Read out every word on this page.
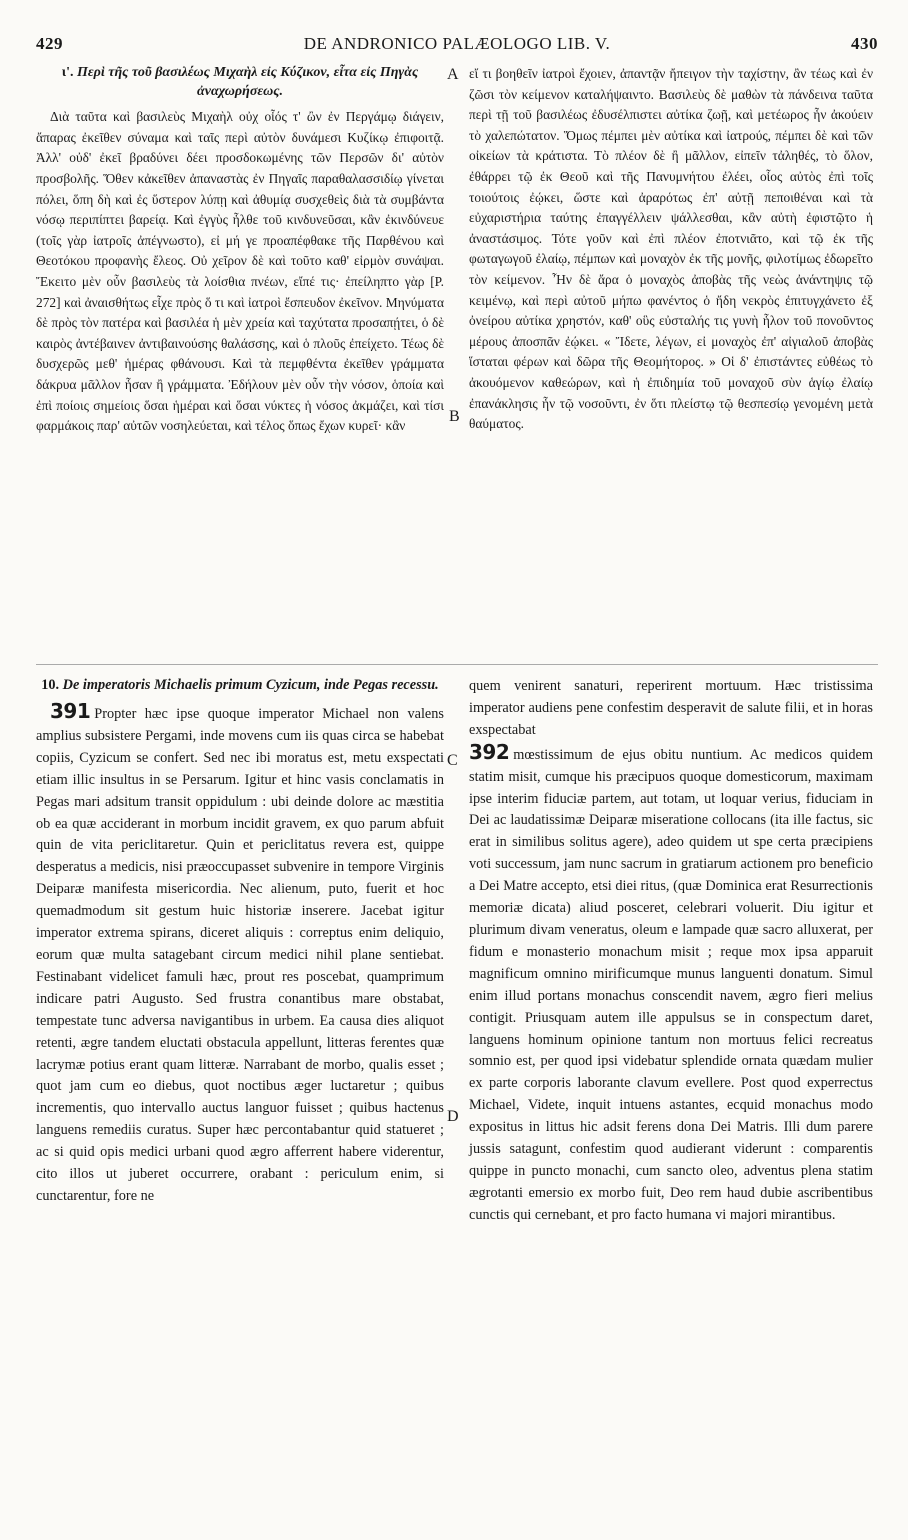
429	DE ANDRONICO PALÆOLOGO LIB. V.	430
A
B
C
D
ι'. Περὶ τῆς τοῦ βασιλέως Μιχαὴλ εἰς Κύζικον, εἶτα εἰς Πηγὰς ἀναχωρήσεως.

Διὰ ταῦτα καὶ βασιλεὺς Μιχαὴλ οὐχ οἷός τ' ὢν ἐν Περγάμῳ διάγειν, ἄπαρας ἐκεῖθεν σύναμα καὶ ταῖς περὶ αὐτὸν δυνάμεσι Κυζίκῳ ἐπιφοιτᾷ. Ἀλλ' οὐδ' ἐκεῖ βραδύνει δέει προσδοκωμένης τῶν Περσῶν δι' αὐτὸν προσβολῆς. Ὅθεν κἀκεῖθεν ἀπαναστὰς ἐν Πηγαῖς παραθαλασσιδίῳ γίνεται πόλει, ὅπη δὴ καὶ ἐς ὕστερον λύπῃ καὶ ἀθυμίᾳ συσχεθεὶς διὰ τὰ συμβάντα νόσῳ περιπίπτει βαρείᾳ. Καὶ ἐγγὺς ἦλθε τοῦ κινδυνεῦσαι, κἂν ἐκινδύνευε (τοῖς γὰρ ἰατροῖς ἀπέγνωστο), εἰ μή γε προαπέφθακε τῆς Παρθένου καὶ Θεοτόκου προφανὴς ἔλεος. Οὐ χεῖρον δὲ καὶ τοῦτο καθ' εἱρμὸν συνάψαι. Ἔκειτο μὲν οὖν βασιλεὺς τὰ λοίσθια πνέων, εἴπέ τις· ἐπείληπτο γὰρ [P. 272] καὶ ἀναισθήτως εἶχε πρὸς ὅ τι καὶ ἰατροὶ ἔσπευδον ἐκεῖνον. Μηνύματα δὲ πρὸς τὸν πατέρα καὶ βασιλέα ἡ μὲν χρεία καὶ ταχύτατα προσαπῄτει, ὁ δὲ καιρὸς ἀντέβαινεν ἀντιβαινούσης θαλάσσης, καὶ ὁ πλοῦς ἐπείχετο. Τέως δὲ δυσχερῶς μεθ' ἡμέρας φθάνουσι. Καὶ τὰ πεμφθέντα ἐκεῖθεν γράμματα δάκρυα μᾶλλον ἦσαν ἢ γράμματα. Ἐδήλουν μὲν οὖν τὴν νόσον, ὁποία καὶ ἐπὶ ποίοις σημείοις ὅσαι ἡμέραι καὶ ὅσαι νύκτες ἡ νόσος ἀκμάζει, καὶ τίσι φαρμάκοις παρ' αὐτῶν νοσηλεύεται, καὶ τέλος ὅπως ἔχων κυρεῖ· κἂν

εἴ τι βοηθεῖν ἰατροὶ ἔχοιεν, ἀπαντᾷν ἤπειγον τὴν ταχίστην, ἂν τέως καὶ ἐν ζῶσι τὸν κείμενον καταλήψαιντο. Βασιλεὺς δὲ μαθὼν τὰ πάνδεινα ταῦτα περὶ τῇ τοῦ βασιλέως ἐδυσέλπιστει αὐτίκα ζωῇ, καὶ μετέωρος ἦν ἀκούειν τὸ χαλεπώτατον. Ὅμως πέμπει μὲν αὐτίκα καὶ ἰατρούς, πέμπει δὲ καὶ τῶν οἰκείων τὰ κράτιστα. Τὸ πλέον δὲ ἢ μᾶλλον, εἰπεῖν τἀληθές, τὸ ὅλον, ἐθάρρει τῷ ἐκ Θεοῦ καὶ τῆς Πανυμνήτου ἐλέει, οἷος αὐτὸς ἐπὶ τοῖς τοιούτοις ἐῴκει, ὥστε καὶ ἀραρότως ἐπ' αὐτῇ πεποιθέναι καὶ τὰ εὐχαριστήρια ταύτης ἐπαγγέλλειν ψάλλεσθαι, κἂν αὐτὴ ἐφιστῷτο ἡ ἀναστάσιμος. Τότε γοῦν καὶ ἐπὶ πλέον ἐποτνιᾶτο, καὶ τῷ ἐκ τῆς φωταγωγοῦ ἐλαίῳ, πέμπων καὶ μοναχὸν ἐκ τῆς μονῆς, φιλοτίμως ἐδωρεῖτο τὸν κείμενον. Ἦν δὲ ἄρα ὁ μοναχὸς ἀποβὰς τῆς νεὼς ἀνάντηψις τῷ κειμένῳ, καὶ περὶ αὐτοῦ μήπω φανέντος ὁ ἤδη νεκρὸς ἐπιτυγχάνετο ἐξ ὀνείρου αὐτίκα χρηστόν, καθ' οὓς εὐσταλής τις γυνὴ ἧλον τοῦ πονοῦντος μέρους ἀποσπᾶν ἐῴκει. « Ἴδετε, λέγων, εἰ μοναχὸς ἐπ' αἰγιαλοῦ ἀποβὰς ἵσταται φέρων καὶ δῶρα τῆς Θεομήτορος. » Οἱ δ' ἐπιστάντες εὐθέως τὸ ἀκουόμενον καθεώρων, καὶ ἡ ἐπιδημία τοῦ μοναχοῦ σὺν ἁγίῳ ἐλαίῳ ἐπανάκλησις ἦν τῷ νοσοῦντι, ἐν ὅτι πλείστῳ τῷ θεσπεσίῳ γενομένη μετὰ θαύματος.

10. De imperatoris Michaelis primum Cyzicum, inde Pegas recessu.

391 Propter hæc ipse quoque imperator Michael non valens amplius subsistere Pergami, inde movens cum iis quas circa se habebat copiis, Cyzicum se confert. Sed nec ibi moratus est, metu exspectati etiam illic insultus in se Persarum. Igitur et hinc vasis conclamatis in Pegas mari adsitum transit oppidulum : ubi deinde dolore ac mæstitia ob ea quæ acciderant in morbum incidit gravem, ex quo parum abfuit quin de vita periclitaretur. Quin et periclitatus revera est, quippe desperatus a medicis, nisi præoccupasset subvenire in tempore Virginis Deiparæ manifesta misericordia. Nec alienum, puto, fuerit et hoc quemadmodum sit gestum huic historiæ inserere. Jacebat igitur imperator extrema spirans, diceret aliquis : correptus enim deliquio, eorum quæ multa satagebant circum medici nihil plane sentiebat. Festinabant videlicet famuli hæc, prout res poscebat, quamprimum indicare patri Augusto. Sed frustra conantibus mare obstabat, tempestate tunc adversa navigantibus in urbem. Ea causa dies aliquot retenti, ægre tandem eluctati obstacula appellunt, litteras ferentes quæ lacrymæ potius erant quam litteræ. Narrabant de morbo, qualis esset ; quot jam cum eo diebus, quot noctibus æger luctaretur ; quibus incrementis, quo intervallo auctus languor fuisset ; quibus hactenus languens remediis curatus. Super hæc percontabantur quid statueret ; ac si quid opis medici urbani quod ægro afferrent habere viderentur, cito illos ut juberet occurrere, orabant : periculum enim, si cunctarentur, fore ne

quem venirent sanaturi, reperirent mortuum. Hæc tristissima imperator audiens pene confestim desperavit de salute filii, et in horas exspectabat

392 mœstissimum de ejus obitu nuntium. Ac medicos quidem statim misit, cumque his præcipuos quoque domesticorum, maximam ipse interim fiduciæ partem, aut totam, ut loquar verius, fiduciam in Dei ac laudatissimæ Deiparæ miseratione collocans (ita ille factus, sic erat in similibus solitus agere), adeo quidem ut spe certa præcipiens voti successum, jam nunc sacrum in gratiarum actionem pro beneficio a Dei Matre accepto, etsi diei ritus, (quæ Dominica erat Resurrectionis memoriæ dicata) aliud posceret, celebrari voluerit. Diu igitur et plurimum divam veneratus, oleum e lampade quæ sacro alluxerat, per fidum e monasterio monachum misit ; reque mox ipsa apparuit magnificum omnino mirificumque munus languenti donatum. Simul enim illud portans monachus conscendit navem, ægro fieri melius contigit. Priusquam autem ille appulsus se in conspectum daret, languens hominum opinione tantum non mortuus felici recreatus somnio est, per quod ipsi videbatur splendide ornata quædam mulier ex parte corporis laborante clavum evellere. Post quod experrectus Michael, Videte, inquit intuens astantes, ecquid monachus modo expositus in littus hic adsit ferens dona Dei Matris. Illi dum parere jussis satagunt, confestim quod audierant viderunt : comparentis quippe in puncto monachi, cum sancto oleo, adventus plena statim ægrotanti emersio ex morbo fuit, Deo rem haud dubie ascribentibus cunctis qui cernebant, et pro facto humana vi majori mirantibus.
